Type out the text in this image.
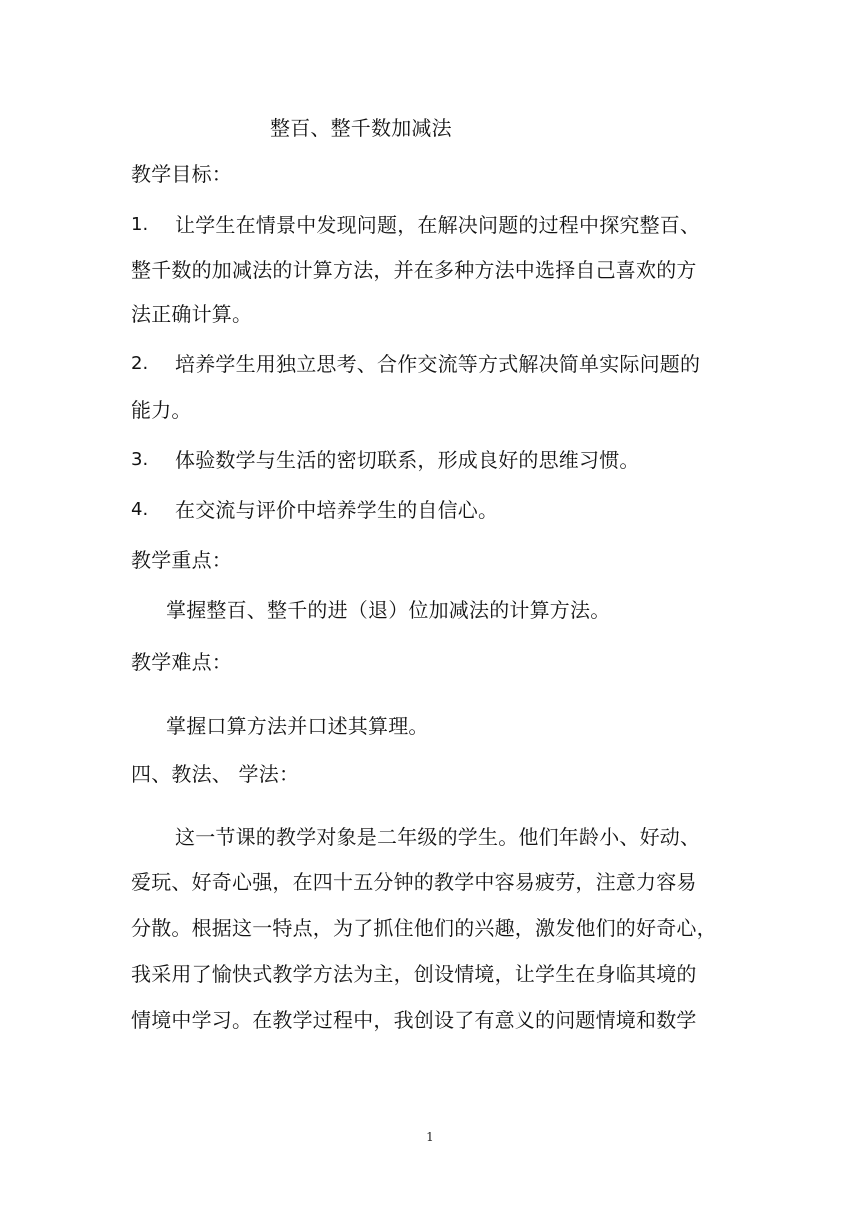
整百、整千数加减法
教学目标：
1.	让学生在情景中发现问题，在解决问题的过程中探究整百、
整千数的加减法的计算方法，并在多种方法中选择自己喜欢的方
法正确计算。
2.	培养学生用独立思考、合作交流等方式解决简单实际问题的
能力。
3.	体验数学与生活的密切联系，形成良好的思维习惯。
4.	在交流与评价中培养学生的自信心。
教学重点：
掌握整百、整千的进（退）位加减法的计算方法。
教学难点：
掌握口算方法并口述其算理。
四、教法、 学法：
这一节课的教学对象是二年级的学生。他们年龄小、好动、
爱玩、好奇心强，在四十五分钟的教学中容易疲劳，注意力容易
分散。根据这一特点，为了抓住他们的兴趣，激发他们的好奇心，
我采用了愉快式教学方法为主，创设情境，让学生在身临其境的
情境中学习。在教学过程中，我创设了有意义的问题情境和数学
1
